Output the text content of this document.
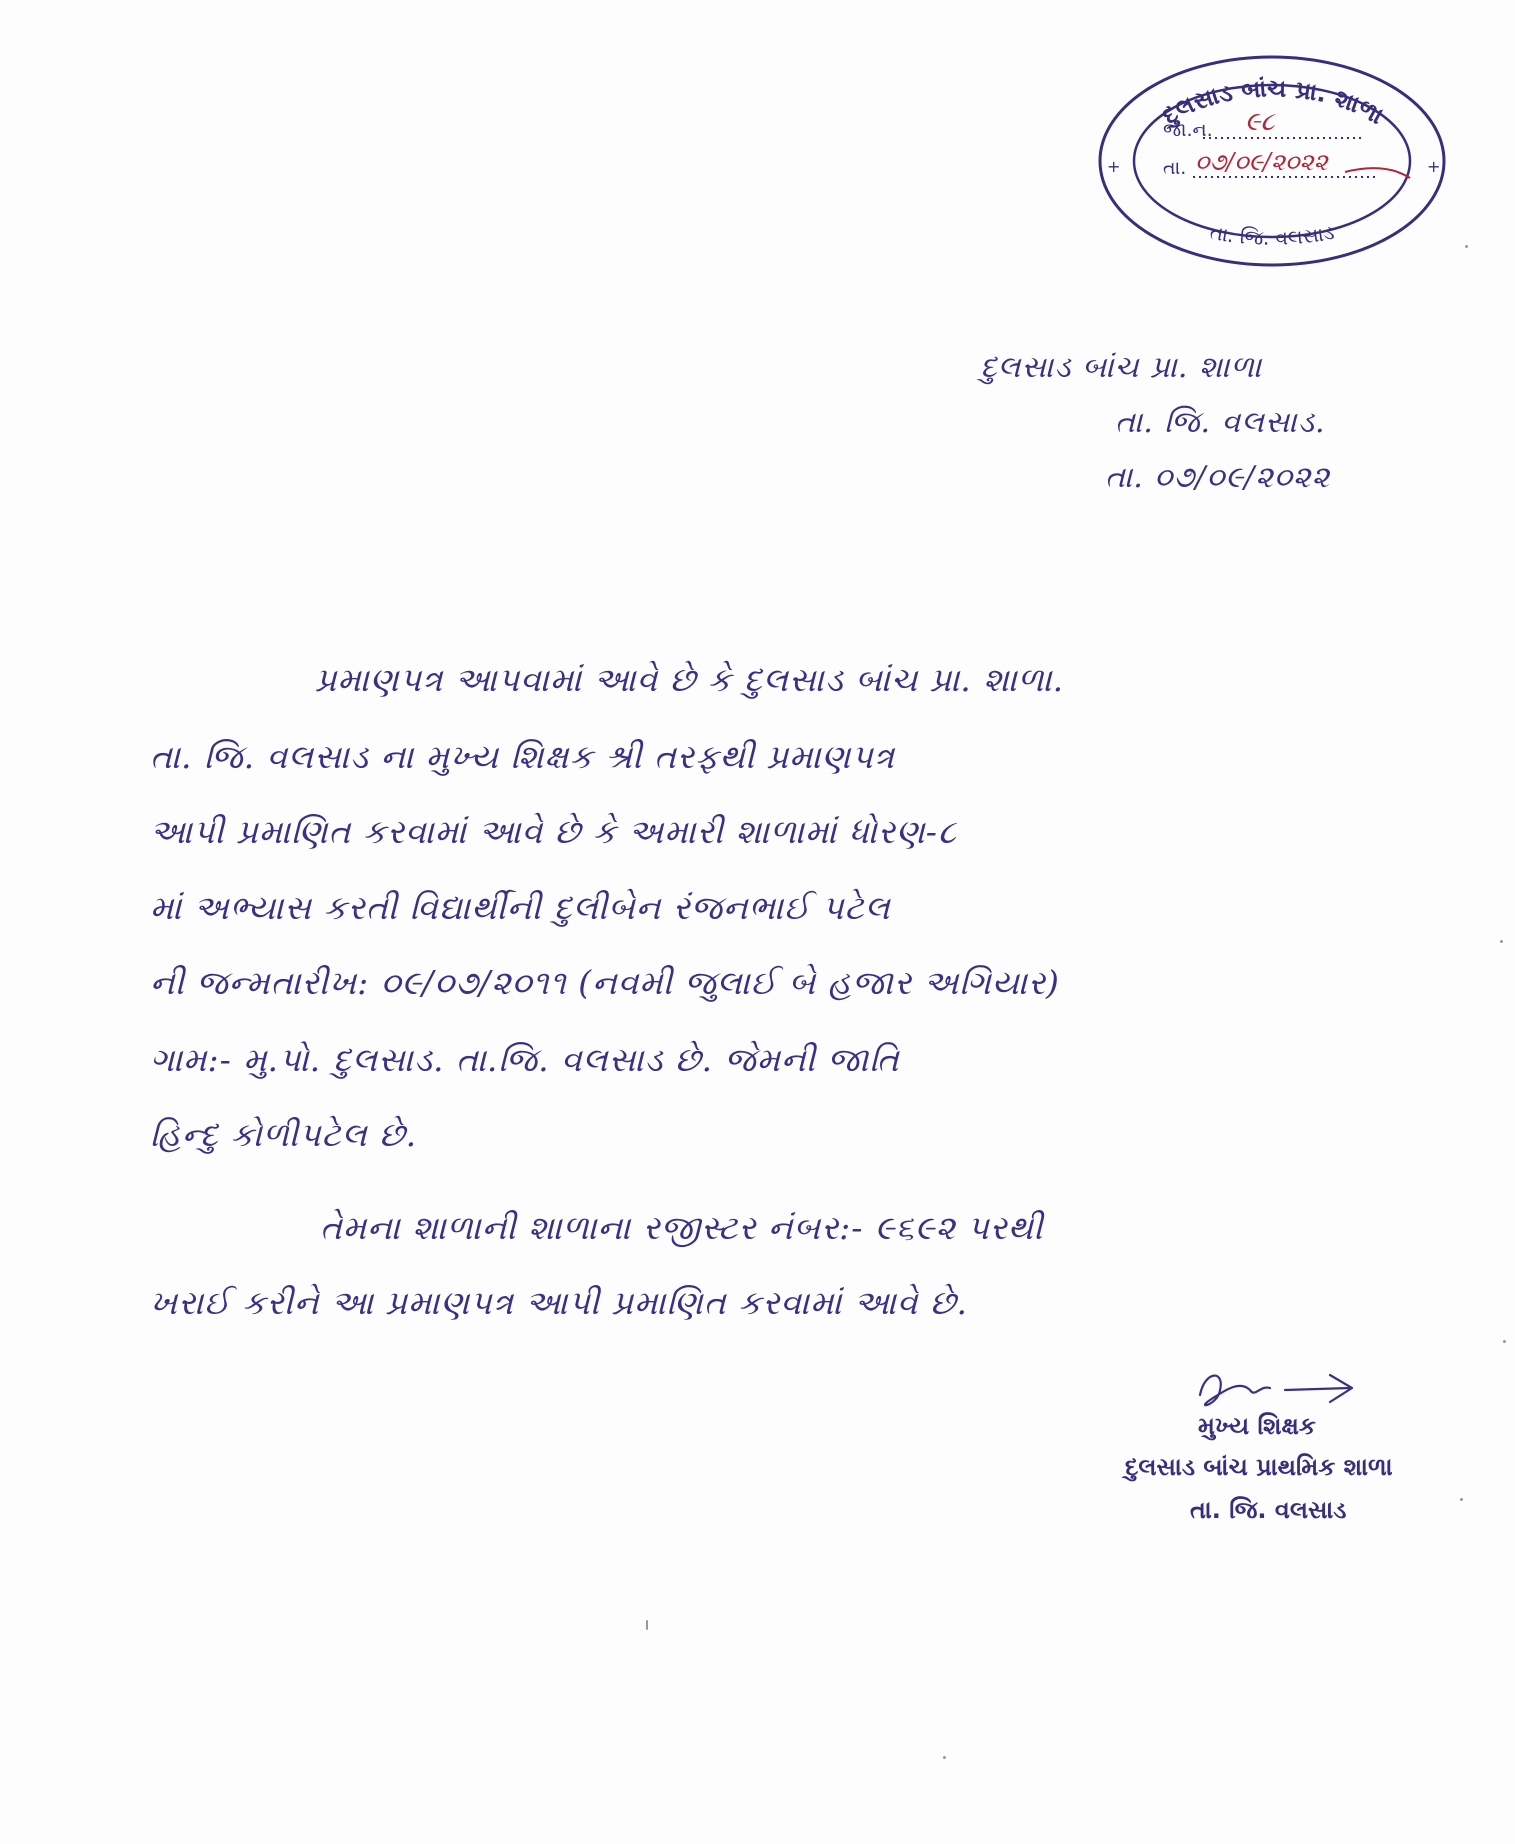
દુલસાડ બાંચ પ્રા. શાળા
+	+
જા.ન. ૯૮
તા. ૦૭/૦૯/૨૦૨૨
તા. જિ. વલસાડ
દુલસાડ બાંચ પ્રા. શાળા
તા. જિ. વલસાડ.
તા. ૦૭/૦૯/૨૦૨૨
પ્રમાણપત્ર આપવામાં આવે છે કે દુલસાડ બાંચ પ્રા. શાળા.
તા. જિ. વલસાડ ના મુખ્ય શિક્ષક શ્રી તરફથી પ્રમાણપત્ર
આપી પ્રમાણિત કરવામાં આવે છે કે અમારી શાળામાં ધોરણ-૮
માં અભ્યાસ કરતી વિદ્યાર્થીની દુલીબેન રંજનભાઈ પટેલ
ની જન્મતારીખ: ૦૯/૦૭/૨૦૧૧ (નવમી જુલાઈ બે હજાર અગિયાર)
ગામ:- મુ.પો. દુલસાડ. તા.જિ. વલસાડ છે. જેમની જાતિ
હિન્દુ કોળીપટેલ છે.
તેમના શાળાની શાળાના રજીસ્ટર નંબર:- ૯૬૯૨ પરથી
ખરાઈ કરીને આ પ્રમાણપત્ર આપી પ્રમાણિત કરવામાં આવે છે.
મુખ્ય શિક્ષક
દુલસાડ બાંચ પ્રાથમિક શાળા
તા. જિ. વલસાડ
